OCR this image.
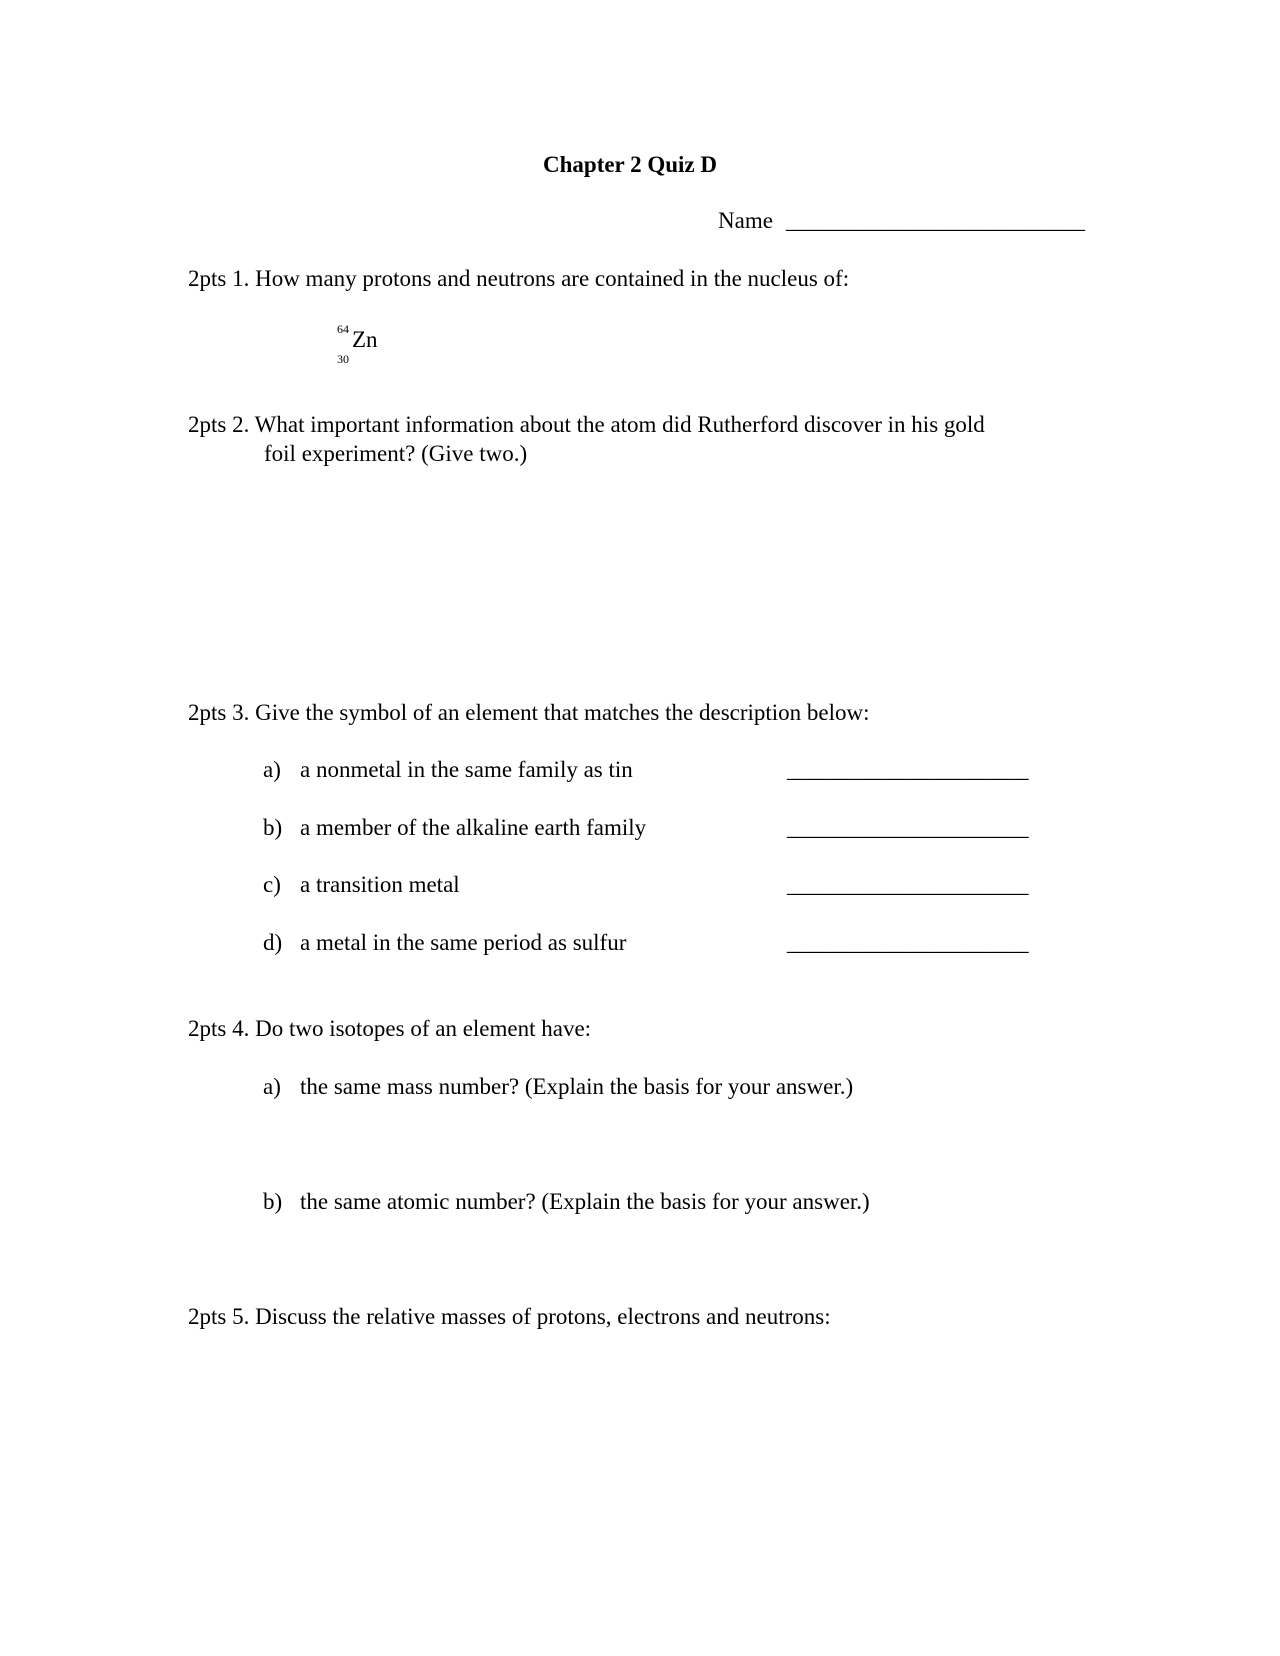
Chapter 2 Quiz D
Name __________________________
2pts 1. How many protons and neutrons are contained in the nucleus of:
64 Zn
30
2pts 2. What important information about the atom did Rutherford discover in his gold
foil experiment? (Give two.)
2pts 3. Give the symbol of an element that matches the description below:
a) a nonmetal in the same family as tin	_____________________
b) a member of the alkaline earth family	_____________________
c) a transition metal	_____________________
d) a metal in the same period as sulfur	_____________________
2pts 4. Do two isotopes of an element have:
a) the same mass number? (Explain the basis for your answer.)
b) the same atomic number? (Explain the basis for your answer.)
2pts 5. Discuss the relative masses of protons, electrons and neutrons:
